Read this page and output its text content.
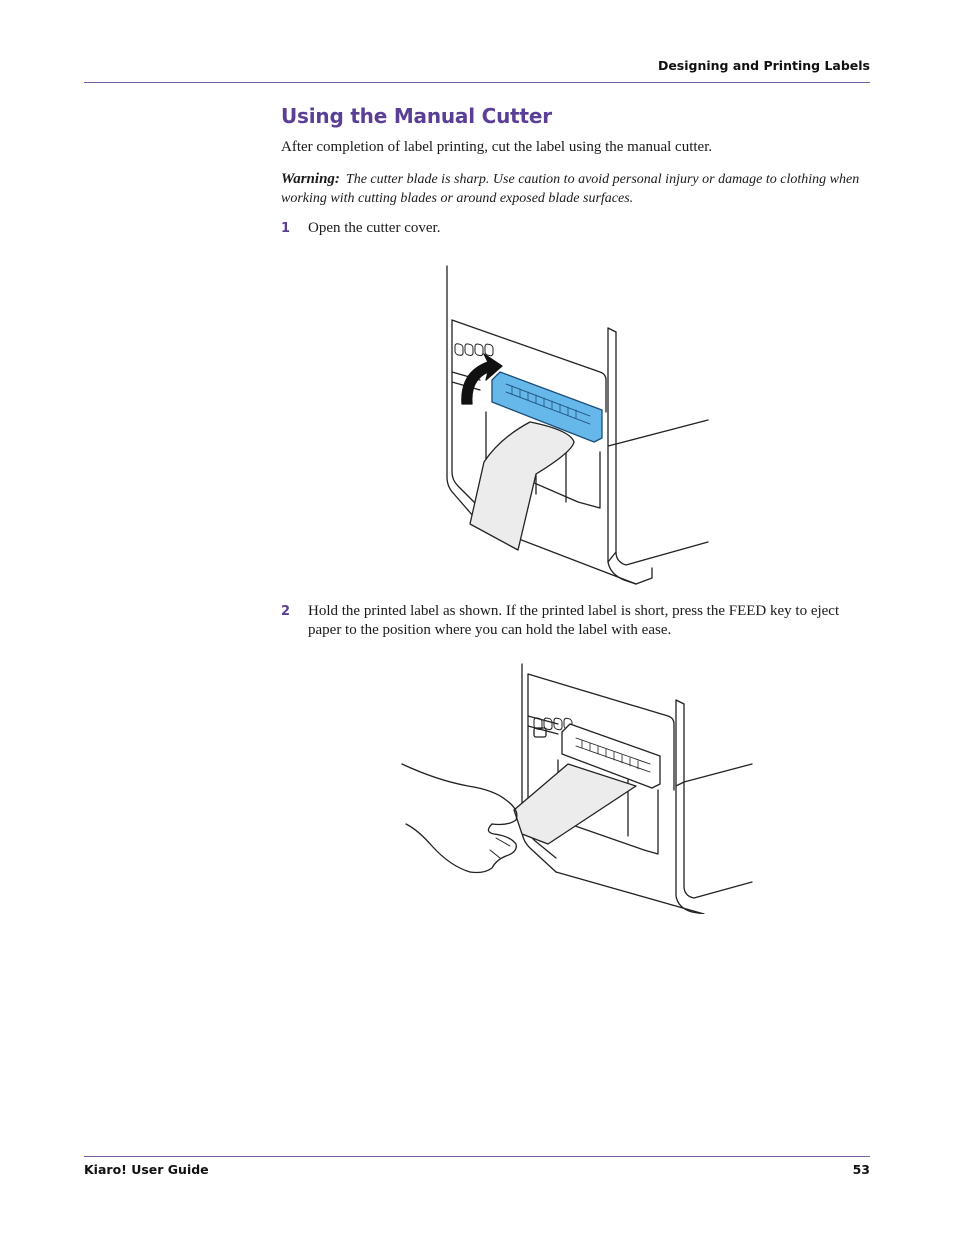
Designing and Printing Labels
Using the Manual Cutter

After completion of label printing, cut the label using the manual cutter.

Warning: The cutter blade is sharp. Use caution to avoid personal injury or damage to clothing when working with cutting blades or around exposed blade surfaces.

1 Open the cutter cover.
2 Hold the printed label as shown. If the printed label is short, press the FEED key to eject paper to the position where you can hold the label with ease.
Kiaro! User Guide	53
